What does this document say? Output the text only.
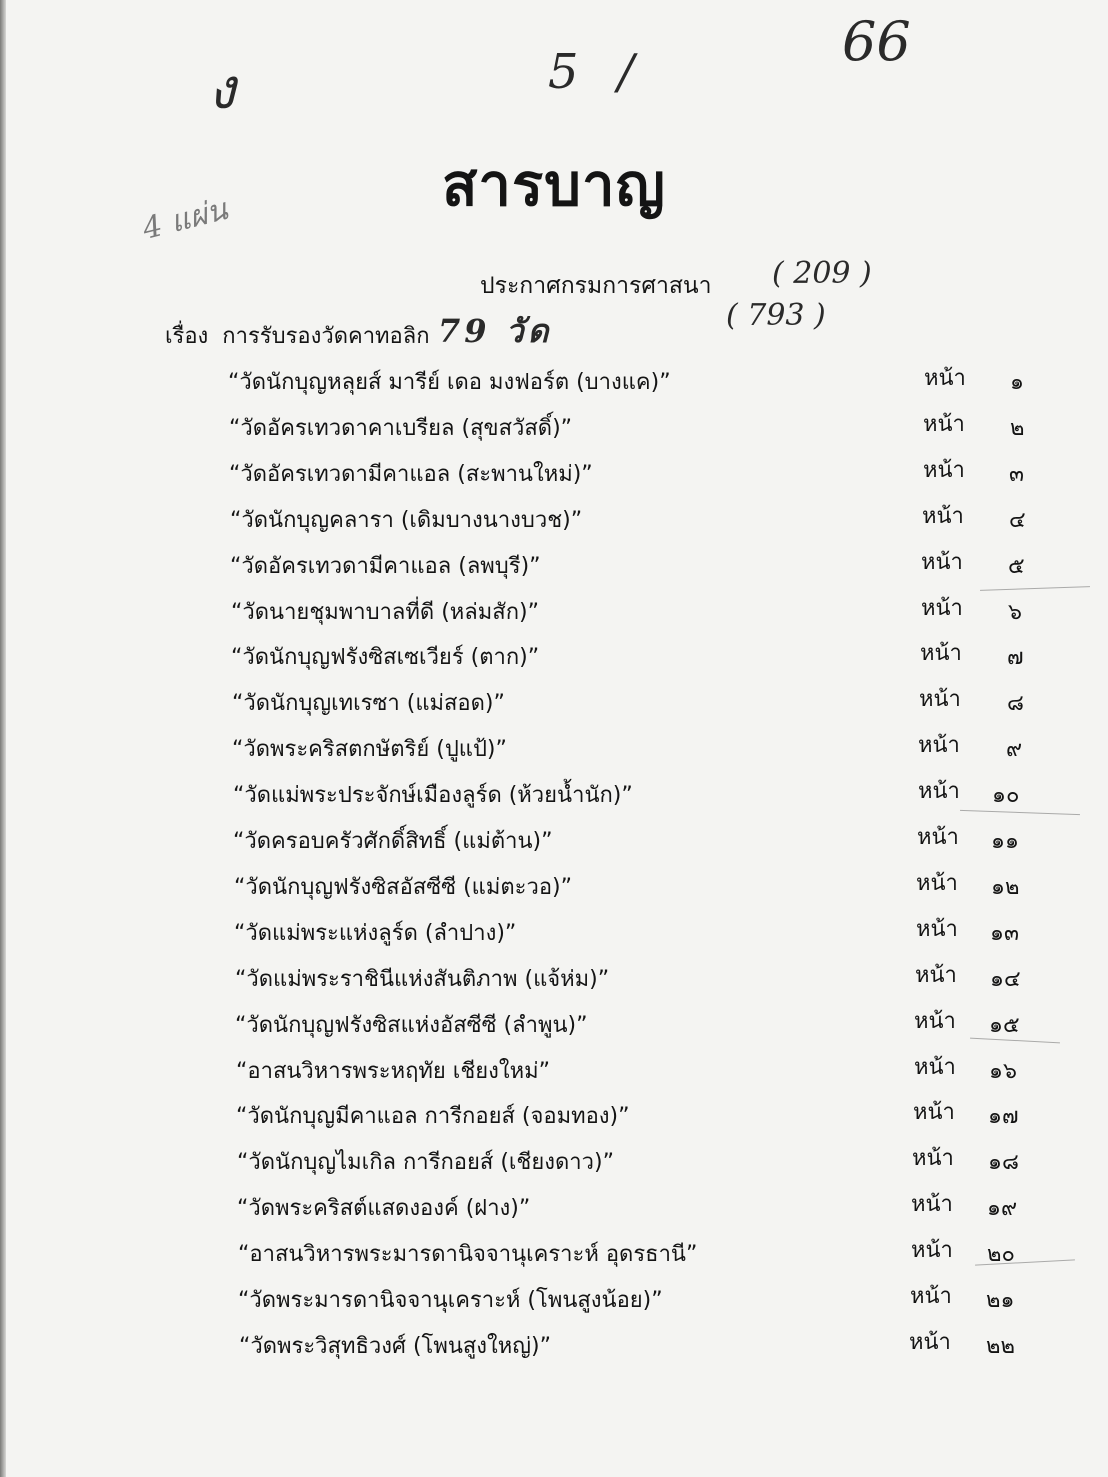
ง	5 /	66
4 แผ่น
79 วัด
( 209 )
( 793 )
สารบาญ
ประกาศกรมการศาสนา
เรื่อง การรับรองวัดคาทอลิก
“วัดนักบุญหลุยส์ มารีย์ เดอ มงฟอร์ต (บางแค)”	หน้า ๑
“วัดอัครเทวดาคาเบรียล (สุขสวัสดิ์)”	หน้า ๒
“วัดอัครเทวดามีคาแอล (สะพานใหม่)”	หน้า ๓
“วัดนักบุญคลารา (เดิมบางนางบวช)”	หน้า ๔
“วัดอัครเทวดามีคาแอล (ลพบุรี)”	หน้า ๕
“วัดนายชุมพาบาลที่ดี (หล่มสัก)”	หน้า ๖
“วัดนักบุญฟรังซิสเซเวียร์ (ตาก)”	หน้า ๗
“วัดนักบุญเทเรซา (แม่สอด)”	หน้า ๘
“วัดพระคริสตกษัตริย์ (ปูแป้)”	หน้า ๙
“วัดแม่พระประจักษ์เมืองลูร์ด (ห้วยน้ำนัก)”	หน้า ๑๐
“วัดครอบครัวศักดิ์สิทธิ์ (แม่ต้าน)”	หน้า ๑๑
“วัดนักบุญฟรังซิสอัสซีซี (แม่ตะวอ)”	หน้า ๑๒
“วัดแม่พระแห่งลูร์ด (ลำปาง)”	หน้า ๑๓
“วัดแม่พระราชินีแห่งสันติภาพ (แจ้ห่ม)”	หน้า ๑๔
“วัดนักบุญฟรังซิสแห่งอัสซีซี (ลำพูน)”	หน้า ๑๕
“อาสนวิหารพระหฤทัย เชียงใหม่”	หน้า ๑๖
“วัดนักบุญมีคาแอล การีกอยส์ (จอมทอง)”	หน้า ๑๗
“วัดนักบุญไมเกิล การีกอยส์ (เชียงดาว)”	หน้า ๑๘
“วัดพระคริสต์แสดงองค์ (ฝาง)”	หน้า ๑๙
“อาสนวิหารพระมารดานิจจานุเคราะห์ อุดรธานี”	หน้า ๒๐
“วัดพระมารดานิจจานุเคราะห์ (โพนสูงน้อย)”	หน้า ๒๑
“วัดพระวิสุทธิวงศ์ (โพนสูงใหญ่)”	หน้า ๒๒
